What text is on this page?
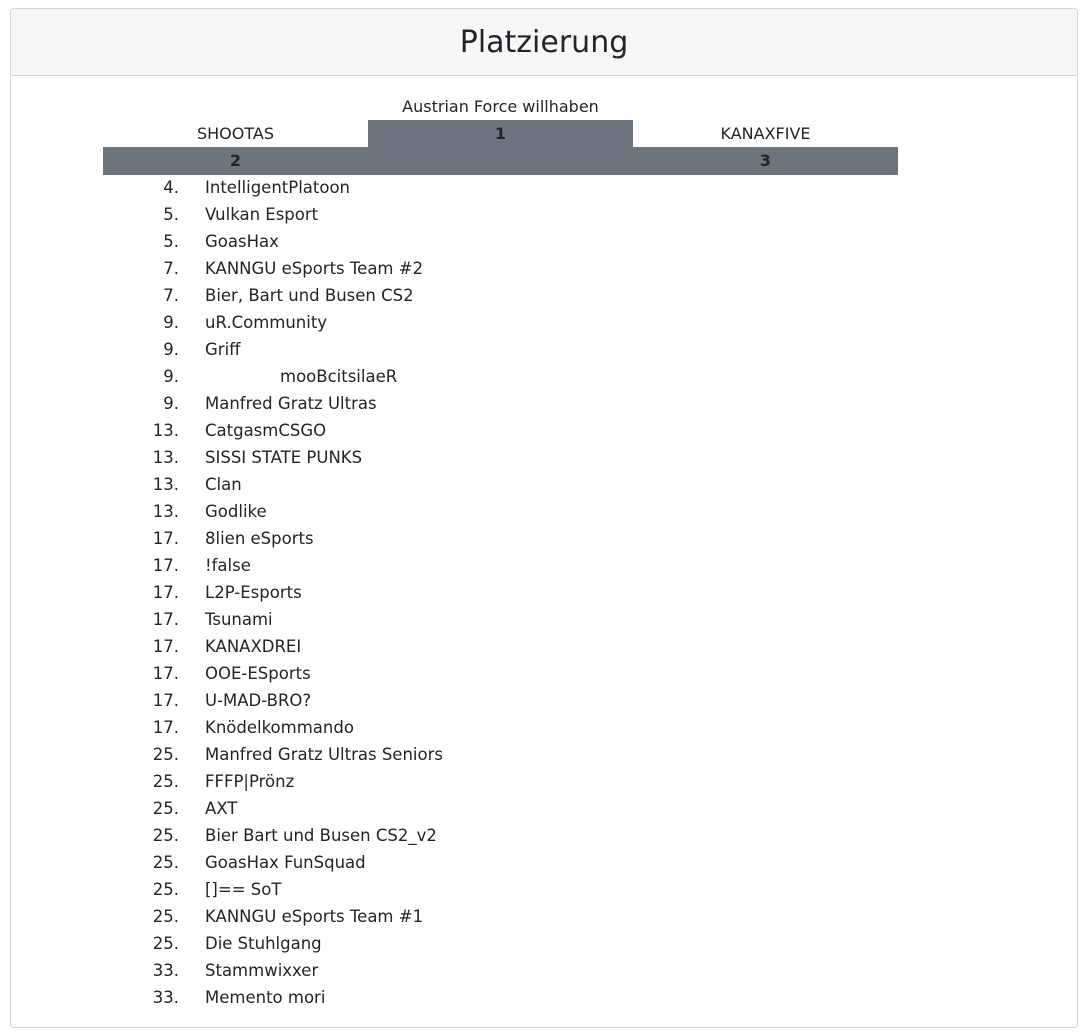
Platzierung
Austrian Force willhaben
1
SHOOTAS
2
KANAXFIVE
3
4. IntelligentPlatoon
5. Vulkan Esport
5. GoasHax
7. KANNGU eSports Team #2
7. Bier, Bart und Busen CS2
9. uR.Community
9. Griff
9.	mooBcitsilaeR
9. Manfred Gratz Ultras
13. CatgasmCSGO
13. SISSI STATE PUNKS
13. Clan
13. Godlike
17. 8lien eSports
17. !false
17. L2P-Esports
17. Tsunami
17. KANAXDREI
17. OOE-ESports
17. U-MAD-BRO?
17. Knödelkommando
25. Manfred Gratz Ultras Seniors
25. FFFP|Prönz
25. AXT
25. Bier Bart und Busen CS2_v2
25. GoasHax FunSquad
25. []== SoT
25. KANNGU eSports Team #1
25. Die Stuhlgang
33. Stammwixxer
33. Memento mori
